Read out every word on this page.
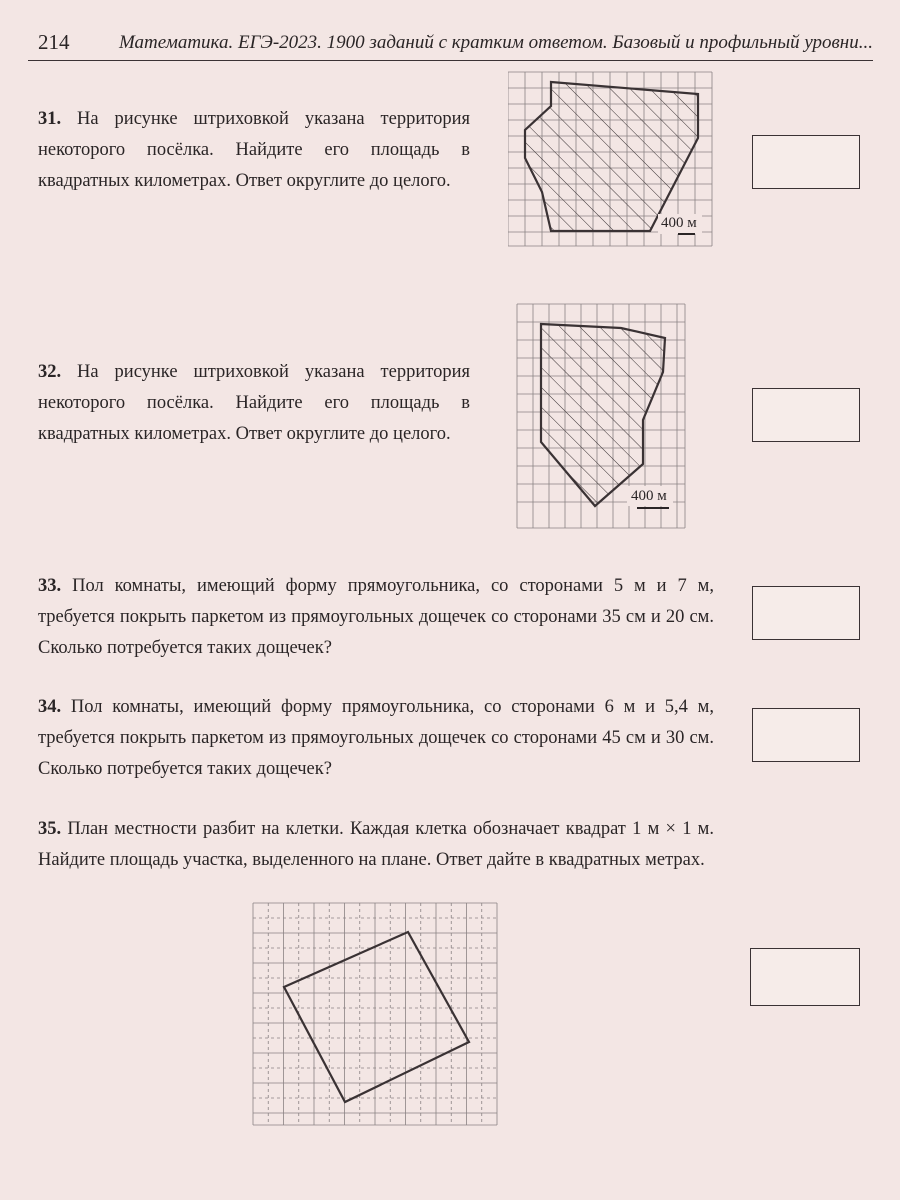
214	Математика. ЕГЭ-2023. 1900 заданий с кратким ответом. Базовый и профильный уровни...

31. На рисунке штриховкой указана территория некоторого посёлка. Найдите его площадь в квадратных километрах. Ответ округлите до целого.

400 м

32. На рисунке штриховкой указана территория некоторого посёлка. Найдите его площадь в квадратных километрах. Ответ округлите до целого.

400 м

33. Пол комнаты, имеющий форму прямоугольника, со сторонами 5 м и 7 м, требуется покрыть паркетом из прямоугольных дощечек со сторонами 35 см и 20 см. Сколько потребуется таких дощечек?

34. Пол комнаты, имеющий форму прямоугольника, со сторонами 6 м и 5,4 м, требуется покрыть паркетом из прямоугольных дощечек со сторонами 45 см и 30 см. Сколько потребуется таких дощечек?

35. План местности разбит на клетки. Каждая клетка обозначает квадрат 1 м × 1 м. Найдите площадь участка, выделенного на плане. Ответ дайте в квадратных метрах.
